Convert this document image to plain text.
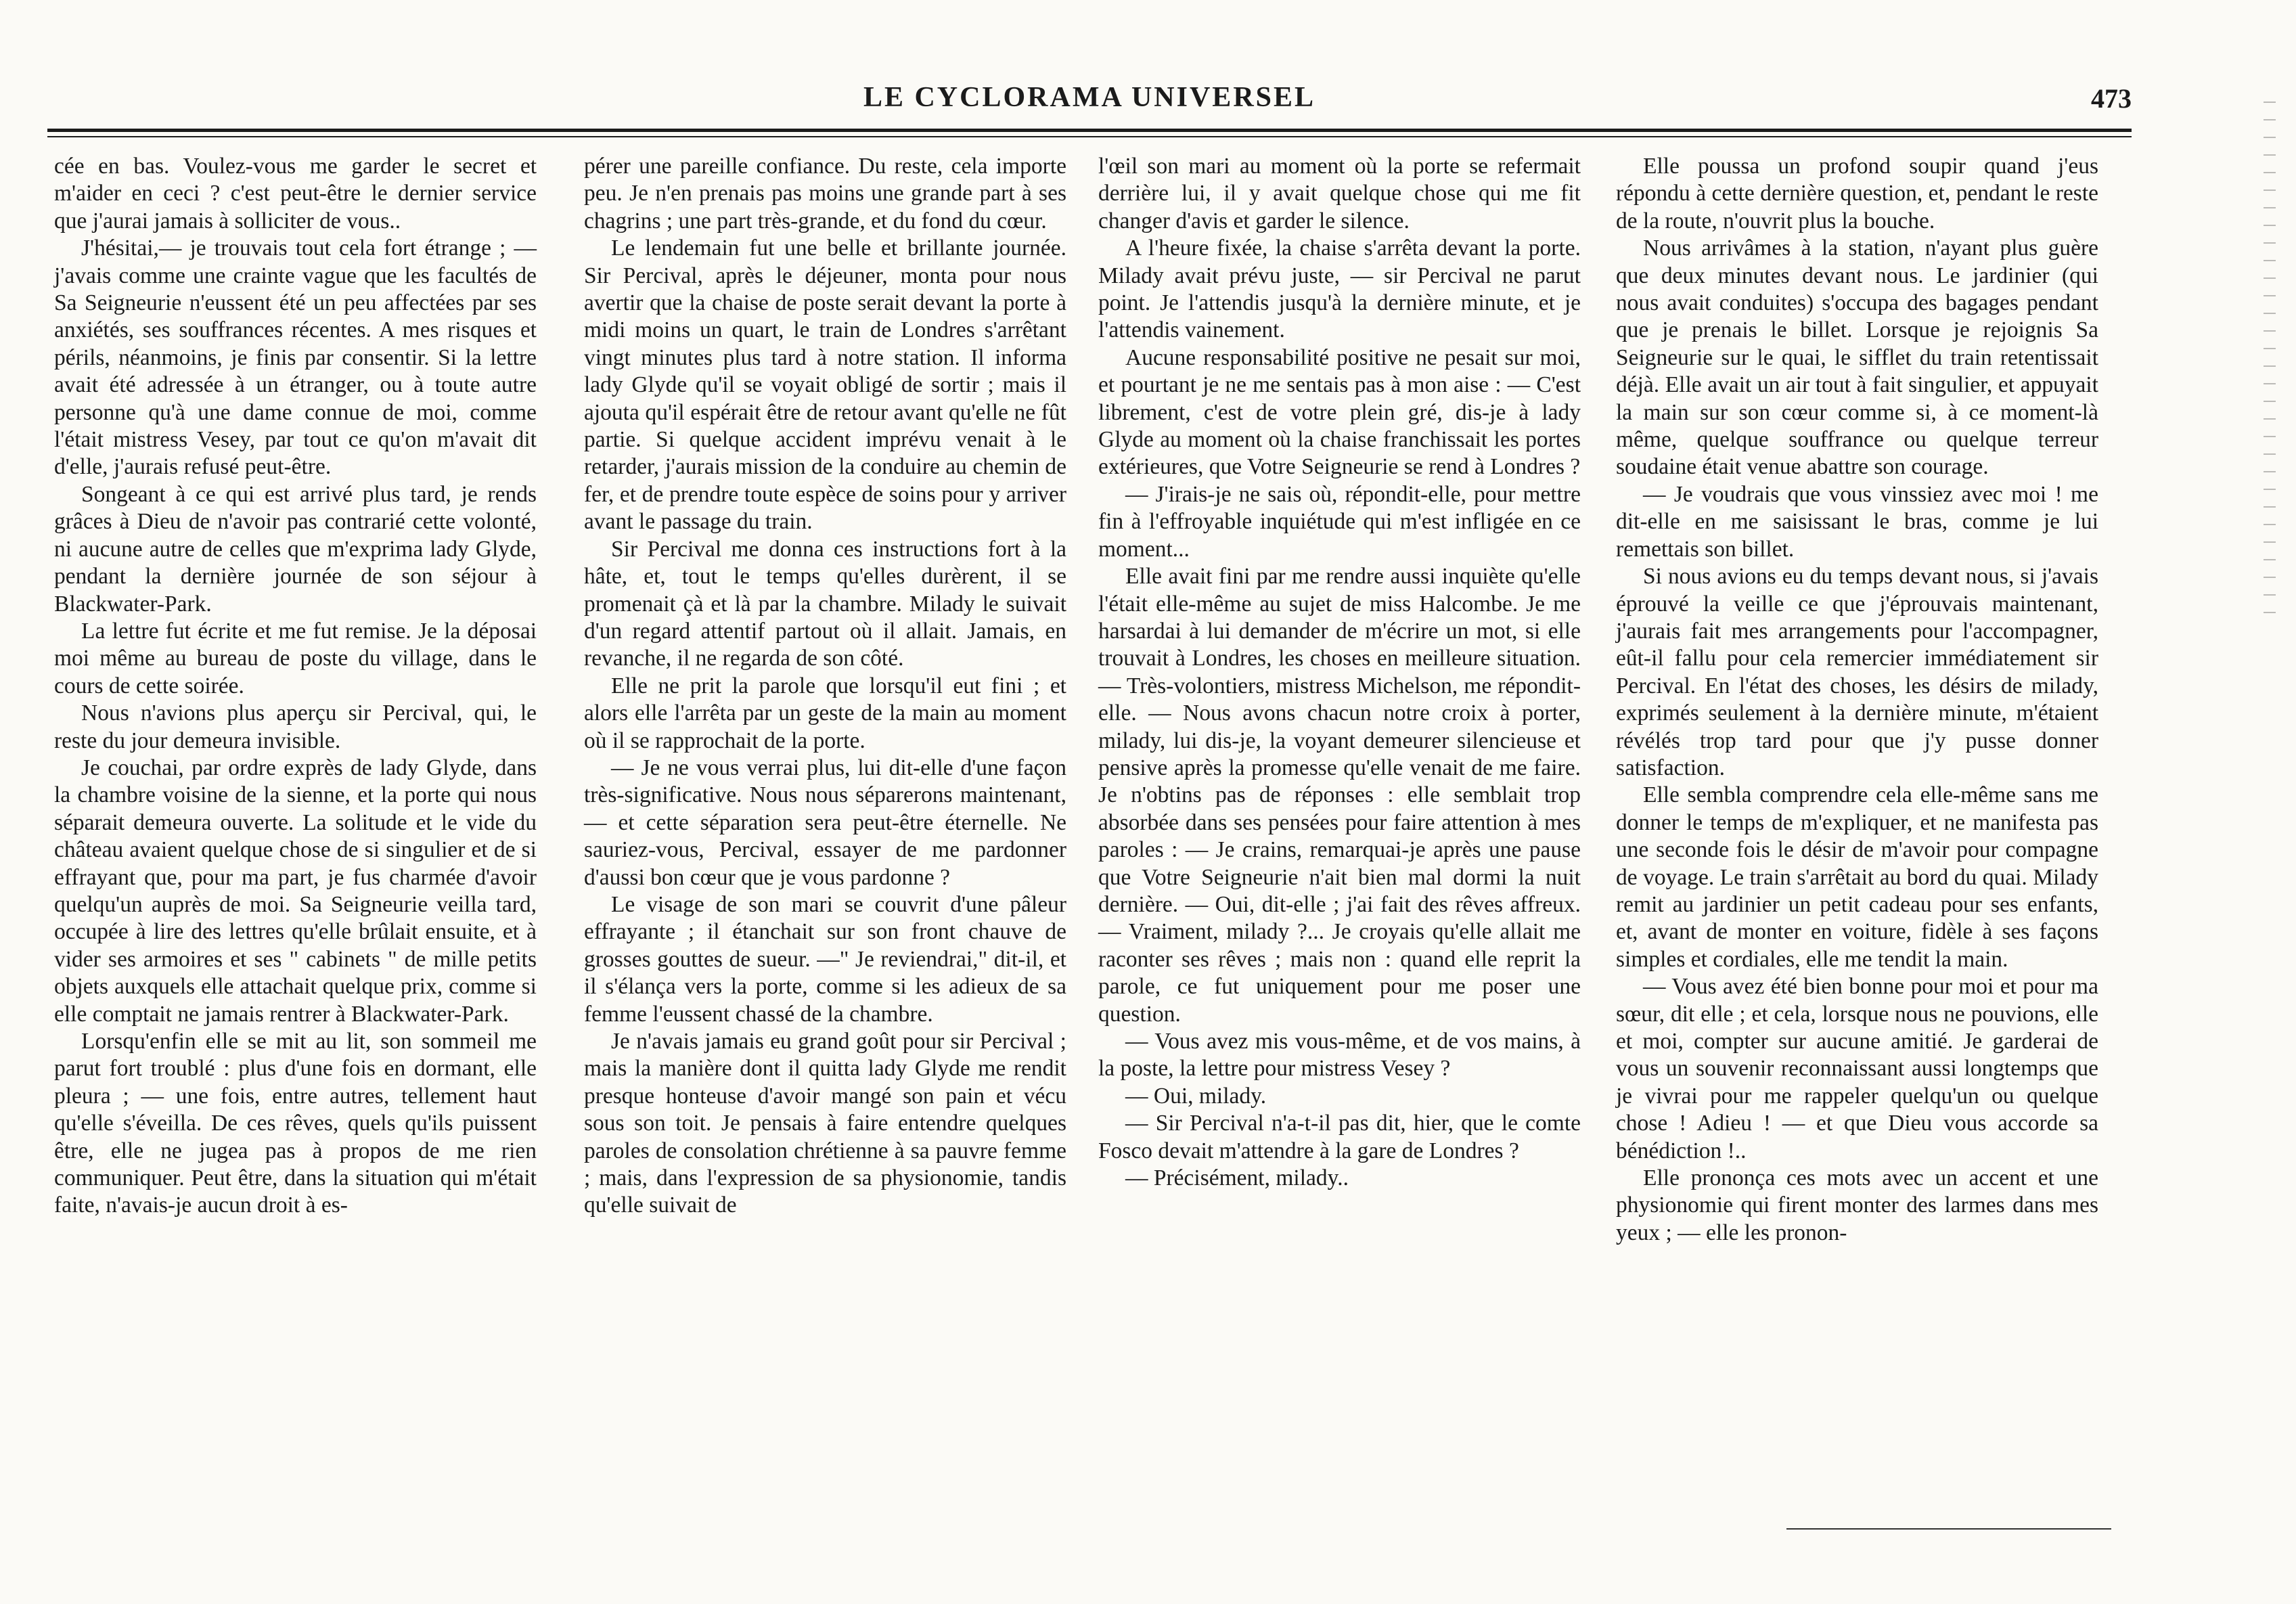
LE CYCLORAMA UNIVERSEL	473

cée en bas. Voulez-vous me garder le secret et m'aider en ceci ? c'est peut-être le dernier service que j'aurai jamais à solliciter de vous..

J'hésitai,— je trouvais tout cela fort étrange ; — j'avais comme une crainte vague que les facultés de Sa Seigneurie n'eussent été un peu affectées par ses anxiétés, ses souffrances récentes. A mes risques et périls, néanmoins, je finis par consentir. Si la lettre avait été adressée à un étranger, ou à toute autre personne qu'à une dame connue de moi, comme l'était mistress Vesey, par tout ce qu'on m'avait dit d'elle, j'aurais refusé peut-être.

Songeant à ce qui est arrivé plus tard, je rends grâces à Dieu de n'avoir pas contrarié cette volonté, ni aucune autre de celles que m'exprima lady Glyde, pendant la dernière journée de son séjour à Blackwater-Park.

La lettre fut écrite et me fut remise. Je la déposai moi même au bureau de poste du village, dans le cours de cette soirée.

Nous n'avions plus aperçu sir Percival, qui, le reste du jour demeura invisible.

Je couchai, par ordre exprès de lady Glyde, dans la chambre voisine de la sienne, et la porte qui nous séparait demeura ouverte. La solitude et le vide du château avaient quelque chose de si singulier et de si effrayant que, pour ma part, je fus charmée d'avoir quelqu'un auprès de moi. Sa Seigneurie veilla tard, occupée à lire des lettres qu'elle brûlait ensuite, et à vider ses armoires et ses " cabinets " de mille petits objets auxquels elle attachait quelque prix, comme si elle comptait ne jamais rentrer à Blackwater-Park.

Lorsqu'enfin elle se mit au lit, son sommeil me parut fort troublé : plus d'une fois en dormant, elle pleura ; — une fois, entre autres, tellement haut qu'elle s'éveilla. De ces rêves, quels qu'ils puissent être, elle ne jugea pas à propos de me rien communiquer. Peut être, dans la situation qui m'était faite, n'avais-je aucun droit à es-

pérer une pareille confiance. Du reste, cela importe peu. Je n'en prenais pas moins une grande part à ses chagrins ; une part très-grande, et du fond du cœur.

Le lendemain fut une belle et brillante journée. Sir Percival, après le déjeuner, monta pour nous avertir que la chaise de poste serait devant la porte à midi moins un quart, le train de Londres s'arrêtant vingt minutes plus tard à notre station. Il informa lady Glyde qu'il se voyait obligé de sortir ; mais il ajouta qu'il espérait être de retour avant qu'elle ne fût partie. Si quelque accident imprévu venait à le retarder, j'aurais mission de la conduire au chemin de fer, et de prendre toute espèce de soins pour y arriver avant le passage du train.

Sir Percival me donna ces instructions fort à la hâte, et, tout le temps qu'elles durèrent, il se promenait çà et là par la chambre. Milady le suivait d'un regard attentif partout où il allait. Jamais, en revanche, il ne regarda de son côté.

Elle ne prit la parole que lorsqu'il eut fini ; et alors elle l'arrêta par un geste de la main au moment où il se rapprochait de la porte.

— Je ne vous verrai plus, lui dit-elle d'une façon très-significative. Nous nous séparerons maintenant, — et cette séparation sera peut-être éternelle. Ne sauriez-vous, Percival, essayer de me pardonner d'aussi bon cœur que je vous pardonne ?

Le visage de son mari se couvrit d'une pâleur effrayante ; il étanchait sur son front chauve de grosses gouttes de sueur. —" Je reviendrai," dit-il, et il s'élança vers la porte, comme si les adieux de sa femme l'eussent chassé de la chambre.

Je n'avais jamais eu grand goût pour sir Percival ; mais la manière dont il quitta lady Glyde me rendit presque honteuse d'avoir mangé son pain et vécu sous son toit. Je pensais à faire entendre quelques paroles de consolation chrétienne à sa pauvre femme ; mais, dans l'expression de sa physionomie, tandis qu'elle suivait de

l'œil son mari au moment où la porte se refermait derrière lui, il y avait quelque chose qui me fit changer d'avis et garder le silence.

A l'heure fixée, la chaise s'arrêta devant la porte. Milady avait prévu juste, — sir Percival ne parut point. Je l'attendis jusqu'à la dernière minute, et je l'attendis vainement.

Aucune responsabilité positive ne pesait sur moi, et pourtant je ne me sentais pas à mon aise : — C'est librement, c'est de votre plein gré, dis-je à lady Glyde au moment où la chaise franchissait les portes extérieures, que Votre Seigneurie se rend à Londres ?

— J'irais-je ne sais où, répondit-elle, pour mettre fin à l'effroyable inquiétude qui m'est infligée en ce moment...

Elle avait fini par me rendre aussi inquiète qu'elle l'était elle-même au sujet de miss Halcombe. Je me harsardai à lui demander de m'écrire un mot, si elle trouvait à Londres, les choses en meilleure situation. — Très-volontiers, mistress Michelson, me répondit-elle. — Nous avons chacun notre croix à porter, milady, lui dis-je, la voyant demeurer silencieuse et pensive après la promesse qu'elle venait de me faire. Je n'obtins pas de réponses : elle semblait trop absorbée dans ses pensées pour faire attention à mes paroles : — Je crains, remarquai-je après une pause que Votre Seigneurie n'ait bien mal dormi la nuit dernière. — Oui, dit-elle ; j'ai fait des rêves affreux. — Vraiment, milady ?... Je croyais qu'elle allait me raconter ses rêves ; mais non : quand elle reprit la parole, ce fut uniquement pour me poser une question.

— Vous avez mis vous-même, et de vos mains, à la poste, la lettre pour mistress Vesey ?

— Oui, milady.

— Sir Percival n'a-t-il pas dit, hier, que le comte Fosco devait m'attendre à la gare de Londres ?

— Précisément, milady..

Elle poussa un profond soupir quand j'eus répondu à cette dernière question, et, pendant le reste de la route, n'ouvrit plus la bouche.

Nous arrivâmes à la station, n'ayant plus guère que deux minutes devant nous. Le jardinier (qui nous avait conduites) s'occupa des bagages pendant que je prenais le billet. Lorsque je rejoignis Sa Seigneurie sur le quai, le sifflet du train retentissait déjà. Elle avait un air tout à fait singulier, et appuyait la main sur son cœur comme si, à ce moment-là même, quelque souffrance ou quelque terreur soudaine était venue abattre son courage.

— Je voudrais que vous vinssiez avec moi ! me dit-elle en me saisissant le bras, comme je lui remettais son billet.

Si nous avions eu du temps devant nous, si j'avais éprouvé la veille ce que j'éprouvais maintenant, j'aurais fait mes arrangements pour l'accompagner, eût-il fallu pour cela remercier immédiatement sir Percival. En l'état des choses, les désirs de milady, exprimés seulement à la dernière minute, m'étaient révélés trop tard pour que j'y pusse donner satisfaction.

Elle sembla comprendre cela elle-même sans me donner le temps de m'expliquer, et ne manifesta pas une seconde fois le désir de m'avoir pour compagne de voyage. Le train s'arrêtait au bord du quai. Milady remit au jardinier un petit cadeau pour ses enfants, et, avant de monter en voiture, fidèle à ses façons simples et cordiales, elle me tendit la main.

— Vous avez été bien bonne pour moi et pour ma sœur, dit elle ; et cela, lorsque nous ne pouvions, elle et moi, compter sur aucune amitié. Je garderai de vous un souvenir reconnaissant aussi longtemps que je vivrai pour me rappeler quelqu'un ou quelque chose ! Adieu ! — et que Dieu vous accorde sa bénédiction !..

Elle prononça ces mots avec un accent et une physionomie qui firent monter des larmes dans mes yeux ; — elle les pronon-
